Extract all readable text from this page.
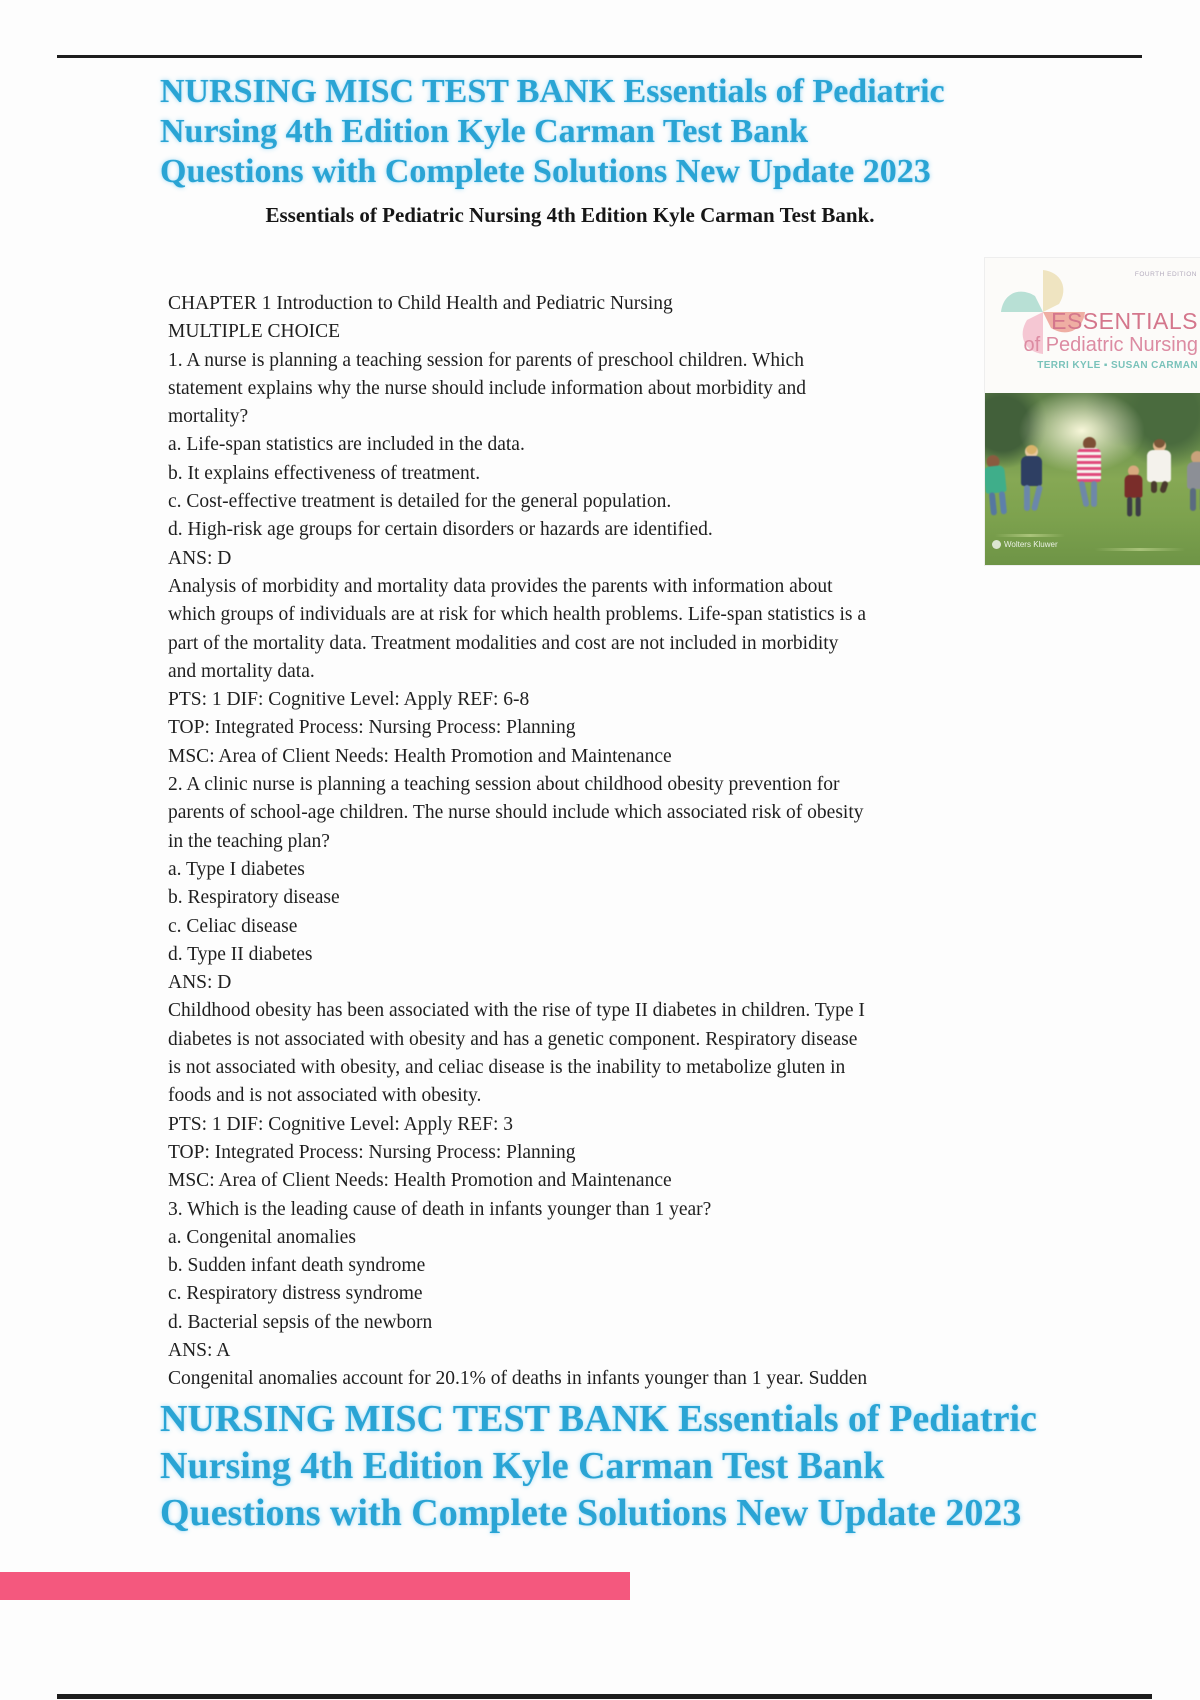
NURSING MISC TEST BANK Essentials of Pediatric
Nursing 4th Edition Kyle Carman Test Bank
Questions with Complete Solutions New Update 2023
Essentials of Pediatric Nursing 4th Edition Kyle Carman Test Bank.
CHAPTER 1 Introduction to Child Health and Pediatric Nursing
MULTIPLE CHOICE
1. A nurse is planning a teaching session for parents of preschool children. Which
statement explains why the nurse should include information about morbidity and
mortality?
a. Life-span statistics are included in the data.
b. It explains effectiveness of treatment.
c. Cost-effective treatment is detailed for the general population.
d. High-risk age groups for certain disorders or hazards are identified.
ANS: D
Analysis of morbidity and mortality data provides the parents with information about
which groups of individuals are at risk for which health problems. Life-span statistics is a
part of the mortality data. Treatment modalities and cost are not included in morbidity
and mortality data.
PTS: 1 DIF: Cognitive Level: Apply REF: 6-8
TOP: Integrated Process: Nursing Process: Planning
MSC: Area of Client Needs: Health Promotion and Maintenance
2. A clinic nurse is planning a teaching session about childhood obesity prevention for
parents of school-age children. The nurse should include which associated risk of obesity
in the teaching plan?
a. Type I diabetes
b. Respiratory disease
c. Celiac disease
d. Type II diabetes
ANS: D
Childhood obesity has been associated with the rise of type II diabetes in children. Type I
diabetes is not associated with obesity and has a genetic component. Respiratory disease
is not associated with obesity, and celiac disease is the inability to metabolize gluten in
foods and is not associated with obesity.
PTS: 1 DIF: Cognitive Level: Apply REF: 3
TOP: Integrated Process: Nursing Process: Planning
MSC: Area of Client Needs: Health Promotion and Maintenance
3. Which is the leading cause of death in infants younger than 1 year?
a. Congenital anomalies
b. Sudden infant death syndrome
c. Respiratory distress syndrome
d. Bacterial sepsis of the newborn
ANS: A
Congenital anomalies account for 20.1% of deaths in infants younger than 1 year. Sudden
FOURTH EDITION
ESSENTIALS
of Pediatric Nursing
TERRI KYLE ▪ SUSAN CARMAN
Wolters Kluwer
NURSING MISC TEST BANK Essentials of Pediatric
Nursing 4th Edition Kyle Carman Test Bank
Questions with Complete Solutions New Update 2023
